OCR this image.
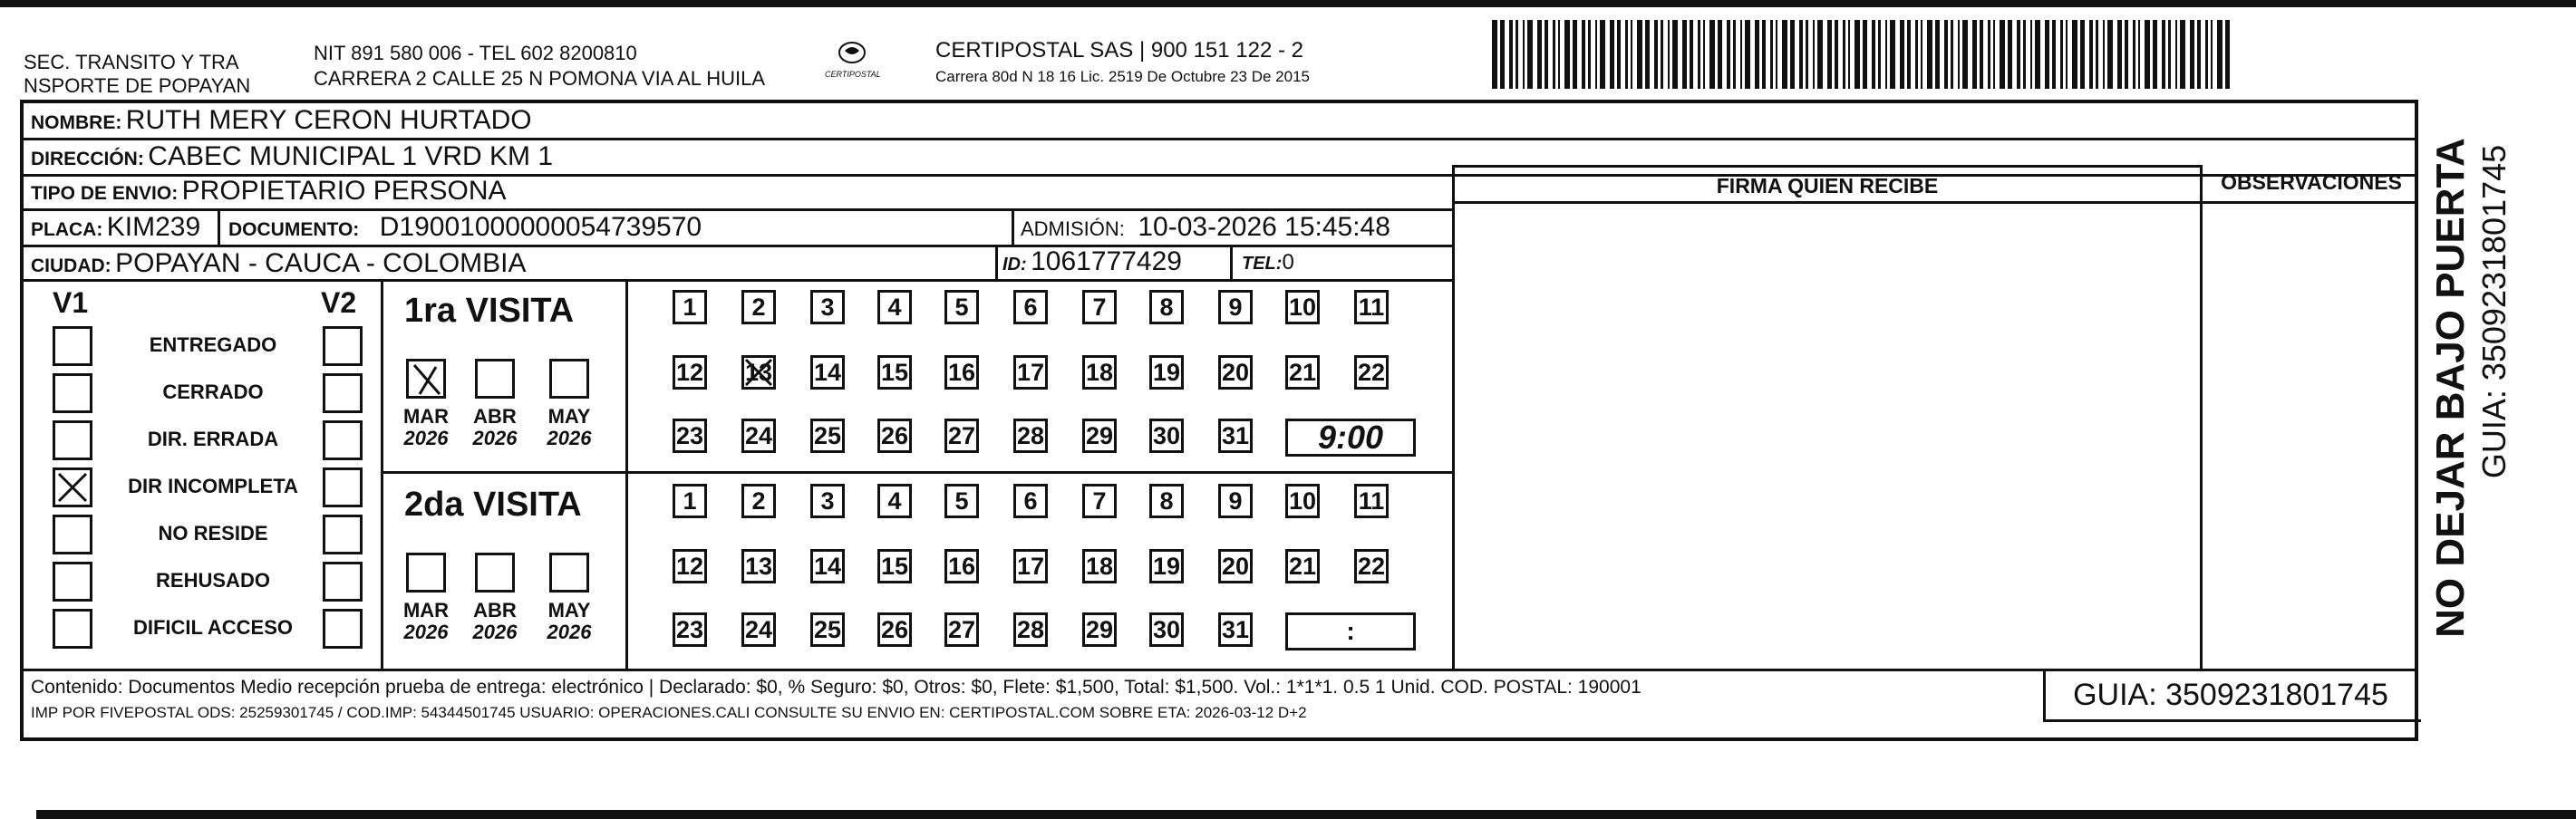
SEC. TRANSITO Y TRA
NSPORTE DE POPAYAN
NIT 891 580 006 - TEL 602 8200810
CARRERA 2 CALLE 25 N POMONA VIA AL HUILA	CERTIPOSTAL
CERTIPOSTAL SAS | 900 151 122 - 2
Carrera 80d N 18 16 Lic. 2519 De Octubre 23 De 2015
NOMBRE: RUTH MERY CERON HURTADO
DIRECCIÓN: CABEC MUNICIPAL 1 VRD KM 1
TIPO DE ENVIO: PROPIETARIO PERSONA
PLACA: KIM239 DOCUMENTO: D19001000000054739570	ADMISIÓN: 10-03-2026 15:45:48
CIUDAD: POPAYAN - CAUCA - COLOMBIA	ID: 1061777429	TEL:0
FIRMA QUIEN RECIBE	OBSERVACIONES
V1	V2
ENTREGADO
CERRADO
DIR. ERRADA
DIR INCOMPLETA
NO RESIDE
REHUSADO
DIFICIL ACCESO
1ra VISITA
2da VISITA
MAR
2026
ABR
2026
MAY
2026
1 2 3 4 5 6 7 8 9 10 11
12 13 14 15 16 17 18 19 20 21 22
23 24 25 26 27 28 29 30 31 9:00
MAR
2026
ABR
2026
MAY
2026
1 2 3 4 5 6 7 8 9 10 11
12 13 14 15 16 17 18 19 20 21 22
23 24 25 26 27 28 29 30 31	:
Contenido: Documentos Medio recepción prueba de entrega: electrónico | Declarado: $0, % Seguro: $0, Otros: $0, Flete: $1,500, Total: $1,500. Vol.: 1*1*1. 0.5 1 Unid. COD. POSTAL: 190001
IMP POR FIVEPOSTAL ODS: 25259301745 / COD.IMP: 54344501745 USUARIO: OPERACIONES.CALI CONSULTE SU ENVIO EN: CERTIPOSTAL.COM SOBRE ETA: 2026-03-12 D+2
GUIA: 3509231801745
NO DEJAR BAJO PUERTA GUIA: 3509231801745
